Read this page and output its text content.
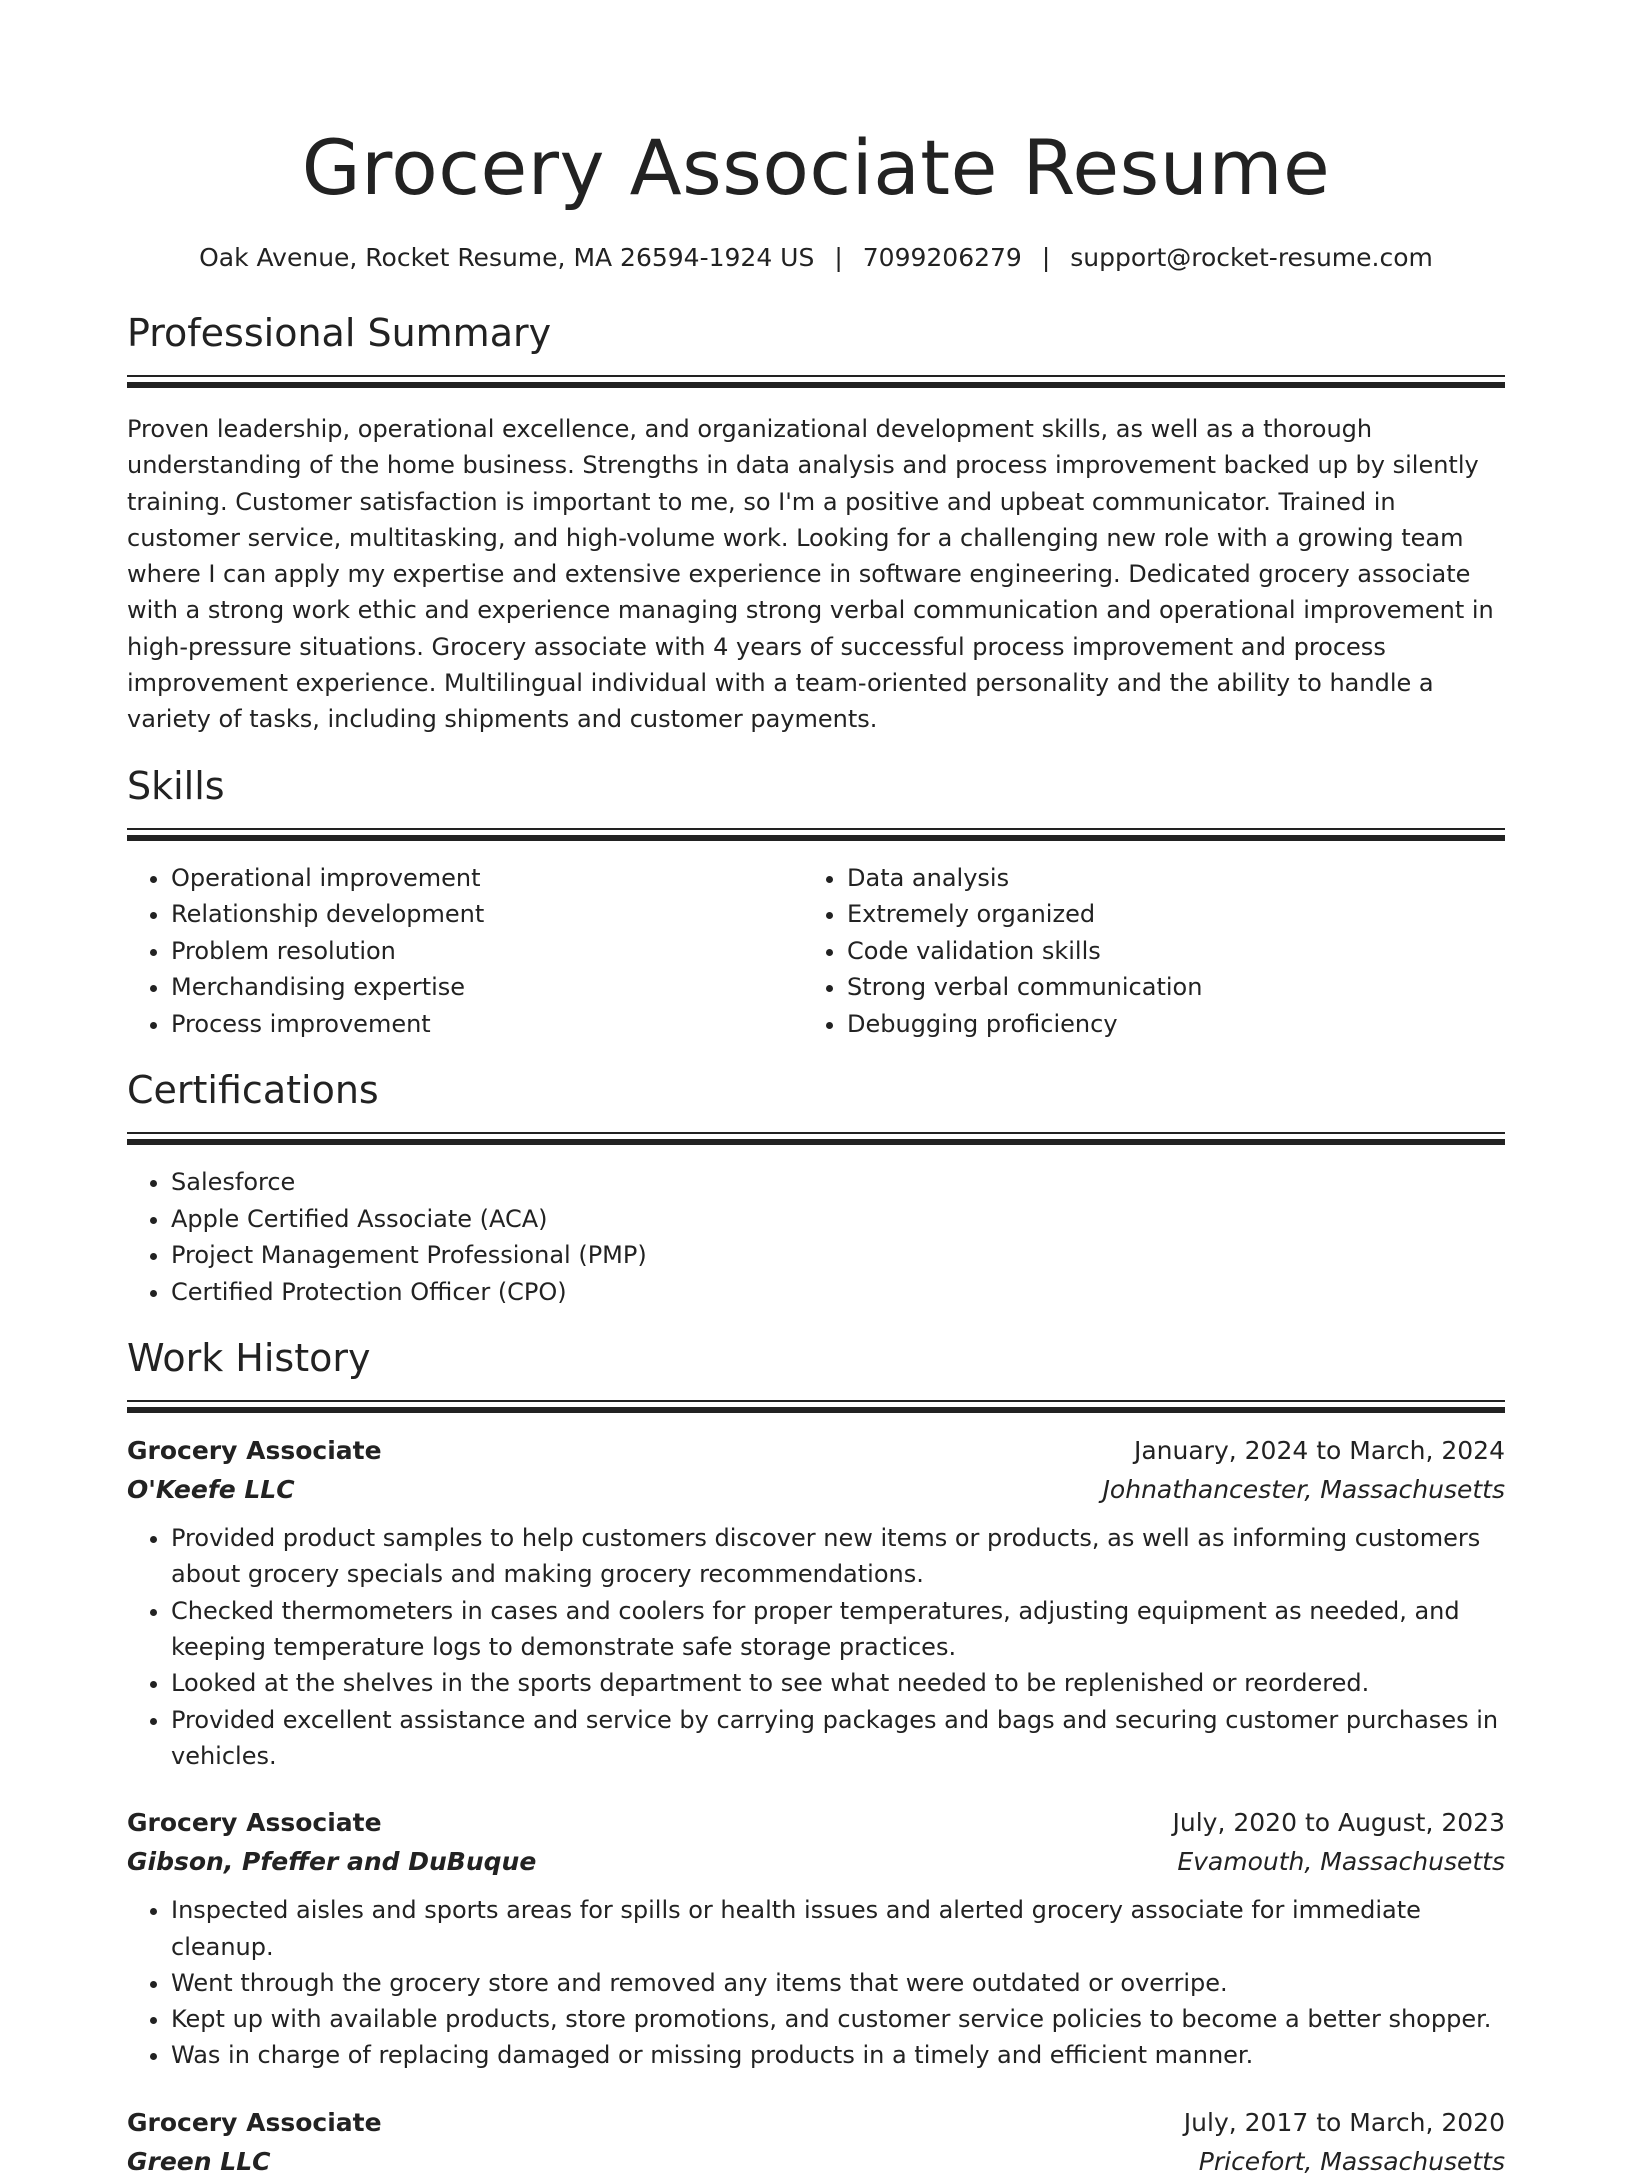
Grocery Associate Resume
Oak Avenue, Rocket Resume, MA 26594-1924 US | 7099206279 | support@rocket-resume.com
Professional Summary

Proven leadership, operational excellence, and organizational development skills, as well as a thorough understanding of the home business. Strengths in data analysis and process improvement backed up by silently training. Customer satisfaction is important to me, so I'm a positive and upbeat communicator. Trained in customer service, multitasking, and high-volume work. Looking for a challenging new role with a growing team where I can apply my expertise and extensive experience in software engineering. Dedicated grocery associate with a strong work ethic and experience managing strong verbal communication and operational improvement in high-pressure situations. Grocery associate with 4 years of successful process improvement and process improvement experience. Multilingual individual with a team-oriented personality and the ability to handle a variety of tasks, including shipments and customer payments.

Skills
• Operational improvement
• Relationship development
• Problem resolution
• Merchandising expertise
• Process improvement
• Data analysis
• Extremely organized
• Code validation skills
• Strong verbal communication
• Debugging proficiency
Certifications
• Salesforce
• Apple Certified Associate (ACA)
• Project Management Professional (PMP)
• Certified Protection Officer (CPO)
Work History
Grocery Associate	January, 2024 to March, 2024
O'Keefe LLC	Johnathancester, Massachusetts
• Provided product samples to help customers discover new items or products, as well as informing customers about grocery specials and making grocery recommendations.
• Checked thermometers in cases and coolers for proper temperatures, adjusting equipment as needed, and keeping temperature logs to demonstrate safe storage practices.
• Looked at the shelves in the sports department to see what needed to be replenished or reordered.
• Provided excellent assistance and service by carrying packages and bags and securing customer purchases in vehicles.
Grocery Associate	July, 2020 to August, 2023
Gibson, Pfeffer and DuBuque	Evamouth, Massachusetts
• Inspected aisles and sports areas for spills or health issues and alerted grocery associate for immediate cleanup.
• Went through the grocery store and removed any items that were outdated or overripe.
• Kept up with available products, store promotions, and customer service policies to become a better shopper.
• Was in charge of replacing damaged or missing products in a timely and efficient manner.
Grocery Associate	July, 2017 to March, 2020
Green LLC	Pricefort, Massachusetts
